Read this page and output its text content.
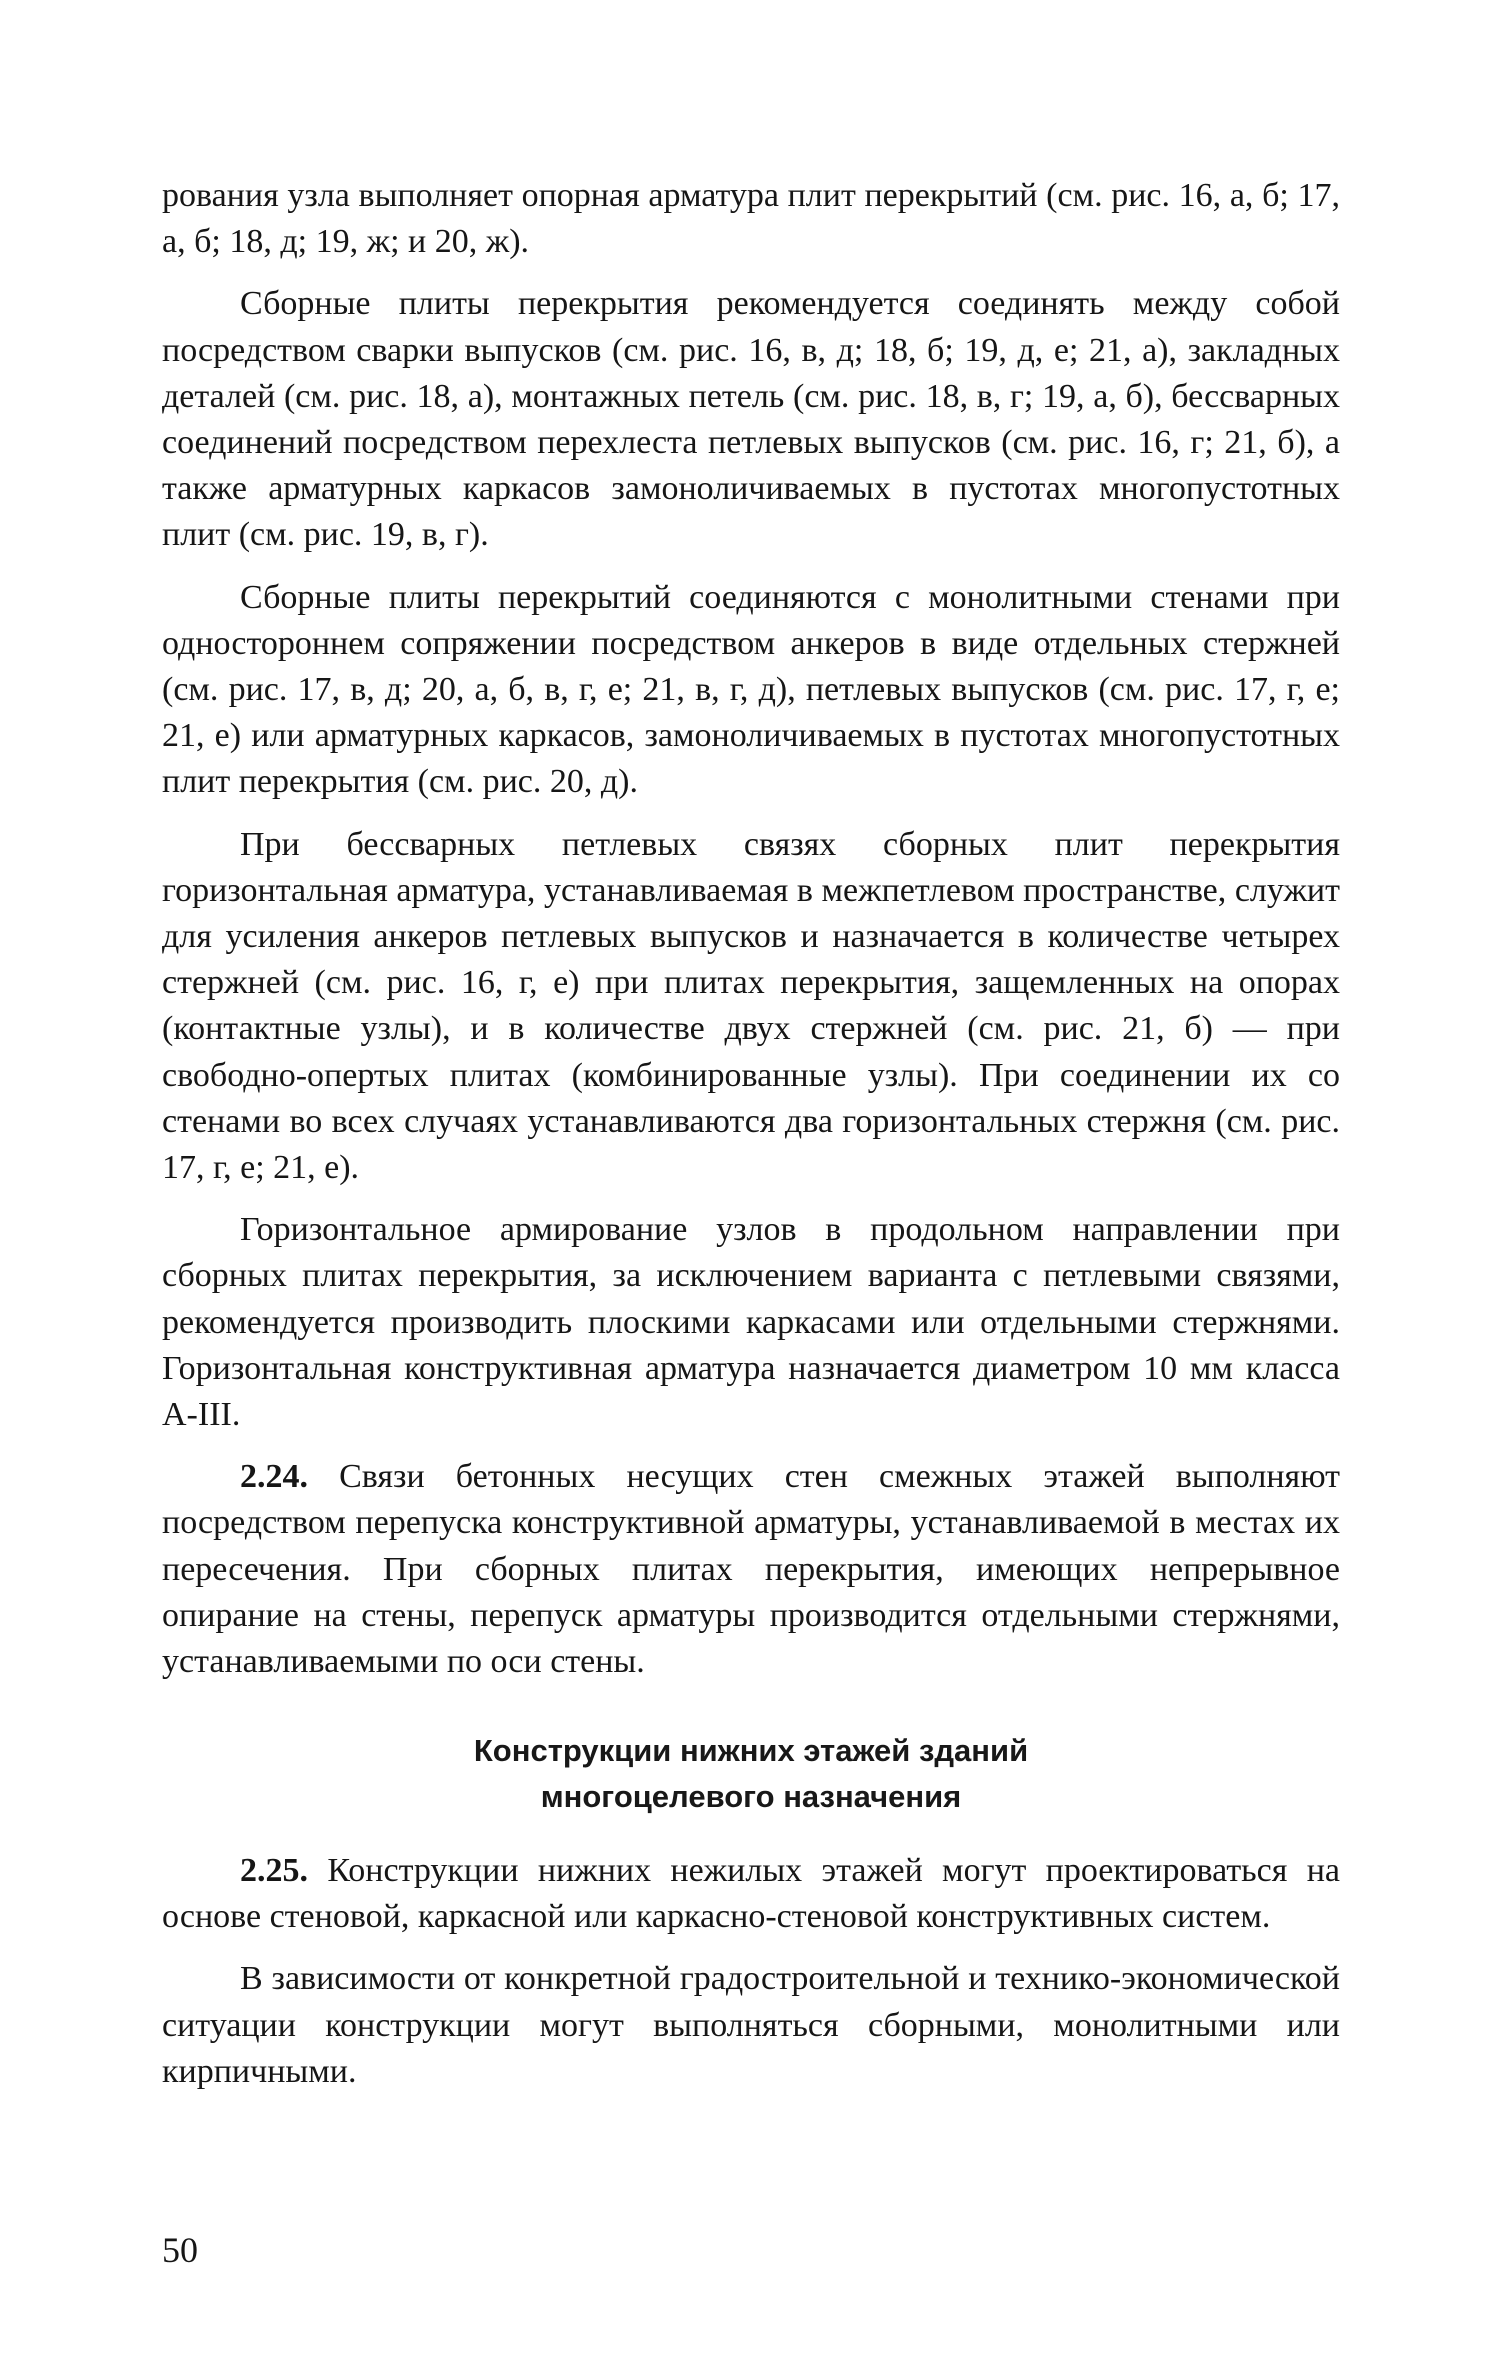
рования узла выполняет опорная арматура плит перекрытий (см. рис. 16, а, б; 17, а, б; 18, д; 19, ж; и 20, ж).

Сборные плиты перекрытия рекомендуется соединять между собой посредством сварки выпусков (см. рис. 16, в, д; 18, б; 19, д, е; 21, а), закладных деталей (см. рис. 18, а), монтажных петель (см. рис. 18, в, г; 19, а, б), бессварных соединений посредством перехлеста петлевых выпусков (см. рис. 16, г; 21, б), а также арматурных каркасов замоноличиваемых в пустотах многопустотных плит (см. рис. 19, в, г).

Сборные плиты перекрытий соединяются с монолитными стенами при одностороннем сопряжении посредством анкеров в виде отдельных стержней (см. рис. 17, в, д; 20, а, б, в, г, е; 21, в, г, д), петлевых выпусков (см. рис. 17, г, е; 21, е) или арматурных каркасов, замоноличиваемых в пустотах многопустотных плит перекрытия (см. рис. 20, д).

При бессварных петлевых связях сборных плит перекрытия горизонтальная арматура, устанавливаемая в межпетлевом пространстве, служит для усиления анкеров петлевых выпусков и назначается в количестве четырех стержней (см. рис. 16, г, е) при плитах перекрытия, защемленных на опорах (контактные узлы), и в количестве двух стержней (см. рис. 21, б) — при свободно-опертых плитах (комбинированные узлы). При соединении их со стенами во всех случаях устанавливаются два горизонтальных стержня (см. рис. 17, г, е; 21, е).

Горизонтальное армирование узлов в продольном направлении при сборных плитах перекрытия, за исключением варианта с петлевыми связями, рекомендуется производить плоскими каркасами или отдельными стержнями. Горизонтальная конструктивная арматура назначается диаметром 10 мм класса А-III.

2.24. Связи бетонных несущих стен смежных этажей выполняют посредством перепуска конструктивной арматуры, устанавливаемой в местах их пересечения. При сборных плитах перекрытия, имеющих непрерывное опирание на стены, перепуск арматуры производится отдельными стержнями, устанавливаемыми по оси стены.

Конструкции нижних этажей зданий
многоцелевого назначения

2.25. Конструкции нижних нежилых этажей могут проектироваться на основе стеновой, каркасной или каркасно-стеновой конструктивных систем.

В зависимости от конкретной градостроительной и технико-экономической ситуации конструкции могут выполняться сборными, монолитными или кирпичными.

50
